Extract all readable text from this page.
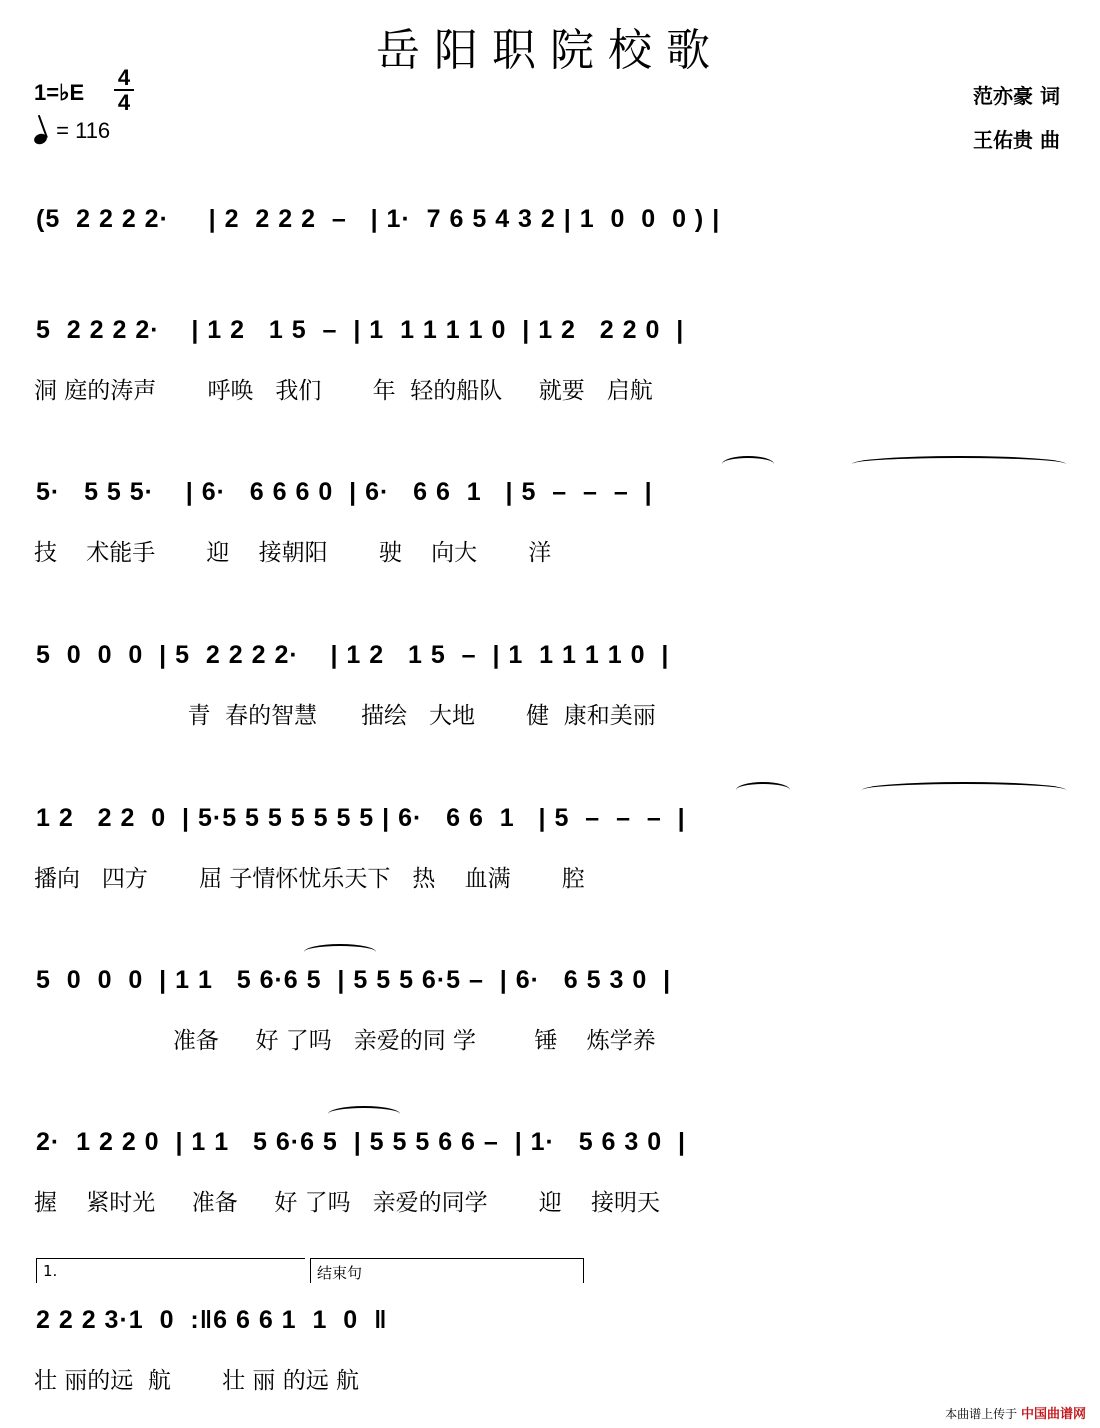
岳阳职院校歌
1=♭E
4
4
= 116
范亦豪 词
王佑贵 曲
(5  2 2 2 2·     | 2  2 2 2  –   | 1·  7 6 5 4 3 2 | 1  0  0  0 ) |
5  2 2 2 2·    | 1 2   1 5  –  | 1  1 1 1 1 0  | 1 2   2 2 0  |
洞 庭的涛声       呼唤   我们       年  轻的船队     就要   启航
5·   5 5 5·    | 6·   6 6 6 0  | 6·   6 6  1   | 5  –  –  –  |
技    术能手       迎    接朝阳       驶    向大       洋
5  0  0  0  | 5  2 2 2 2·    | 1 2   1 5  –  | 1  1 1 1 1 0  |
青  春的智慧      描绘   大地       健  康和美丽
1 2   2 2  0  | 5·5 5 5 5 5 5 5 | 6·   6 6  1   | 5  –  –  –  |
播向   四方       屈 子情怀忧乐天下   热    血满       腔
5  0  0  0  | 1 1   5 6·6 5  | 5 5 5 6·5 –  | 6·   6 5 3 0  |
准备     好 了吗   亲爱的同 学        锤    炼学养
2·  1 2 2 0  | 1 1   5 6·6 5  | 5 5 5 6 6 –  | 1·   5 6 3 0  |
握    紧时光     准备     好 了吗   亲爱的同学       迎    接明天
1.	结束句
2 2 2 3·1  0  :‖6 6 6 1  1  0  ‖
壮 丽的远  航       壮 丽 的远 航
本曲谱上传于 中国曲谱网
